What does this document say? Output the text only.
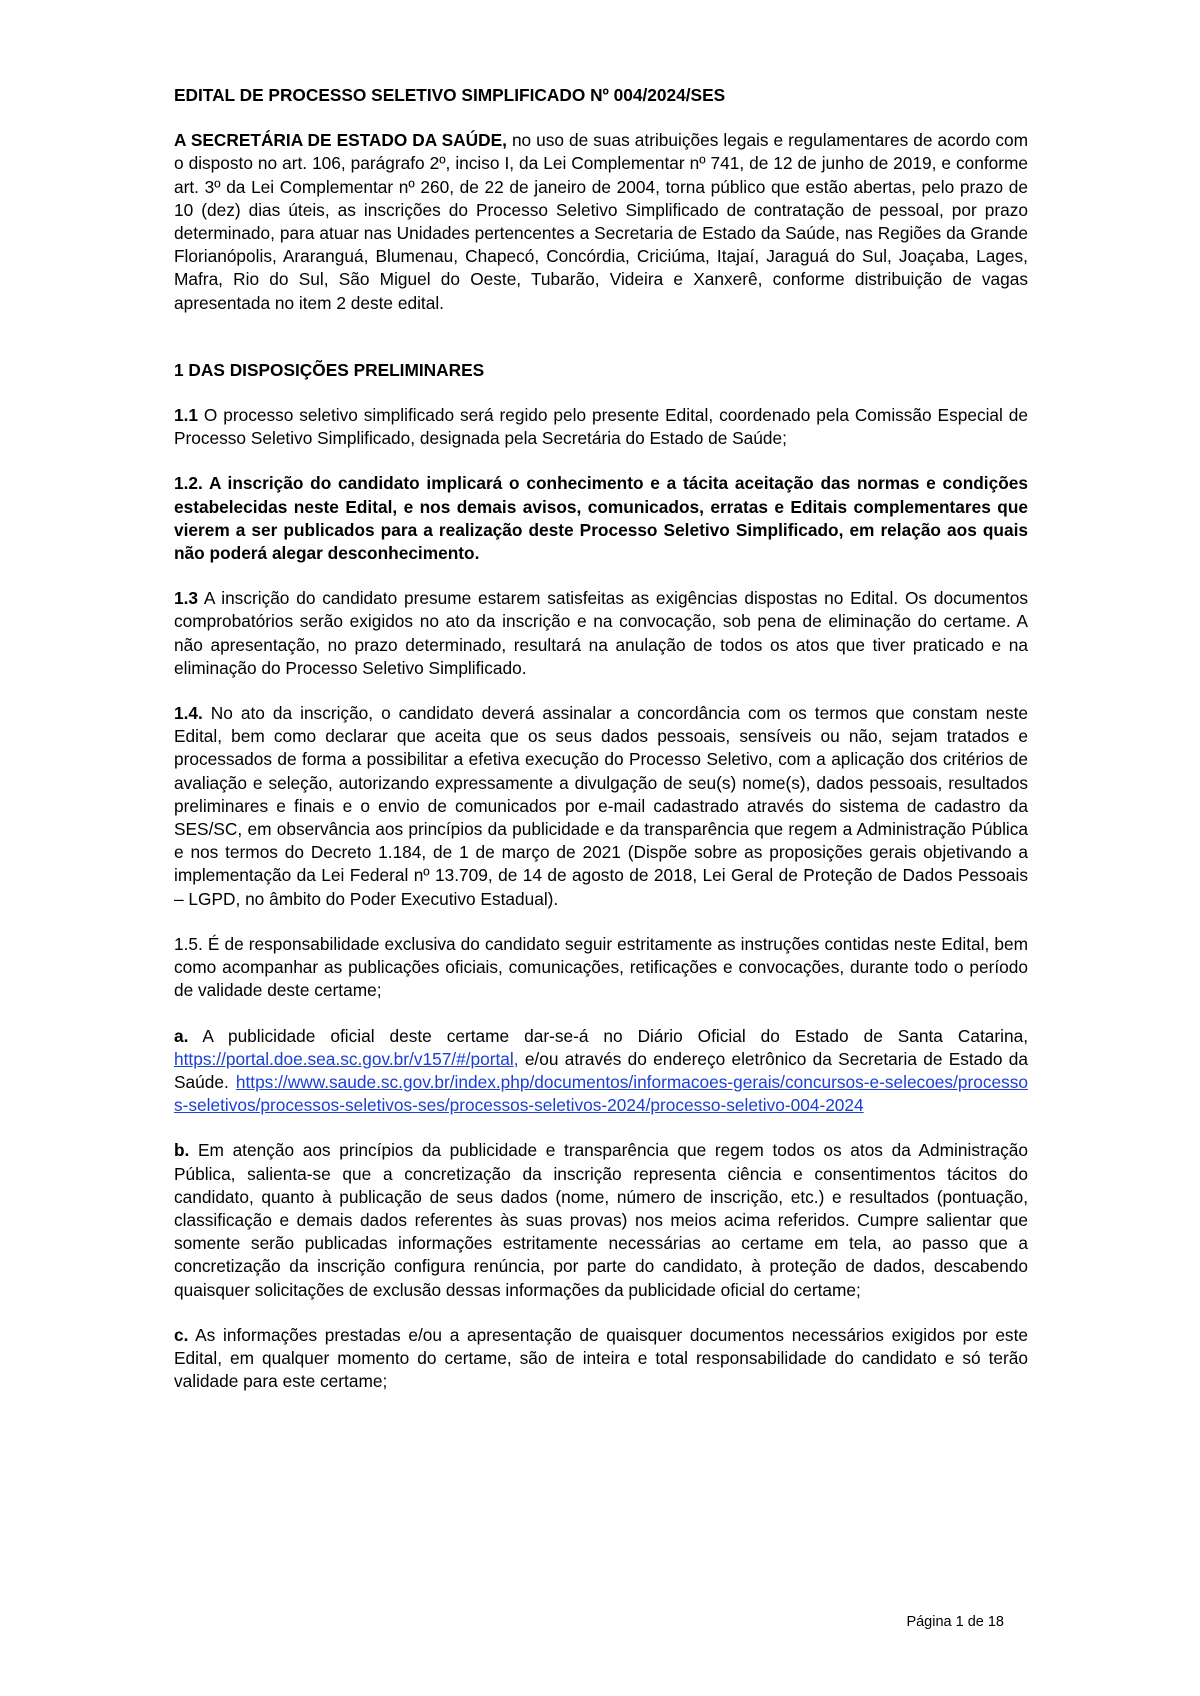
EDITAL DE PROCESSO SELETIVO SIMPLIFICADO Nº 004/2024/SES

A SECRETÁRIA DE ESTADO DA SAÚDE, no uso de suas atribuições legais e regulamentares de acordo com o disposto no art. 106, parágrafo 2º, inciso I, da Lei Complementar nº 741, de 12 de junho de 2019, e conforme art. 3º da Lei Complementar nº 260, de 22 de janeiro de 2004, torna público que estão abertas, pelo prazo de 10 (dez) dias úteis, as inscrições do Processo Seletivo Simplificado de contratação de pessoal, por prazo determinado, para atuar nas Unidades pertencentes a Secretaria de Estado da Saúde, nas Regiões da Grande Florianópolis, Araranguá, Blumenau, Chapecó, Concórdia, Criciúma, Itajaí, Jaraguá do Sul, Joaçaba, Lages, Mafra, Rio do Sul, São Miguel do Oeste, Tubarão, Videira e Xanxerê, conforme distribuição de vagas apresentada no item 2 deste edital.

1 DAS DISPOSIÇÕES PRELIMINARES

1.1 O processo seletivo simplificado será regido pelo presente Edital, coordenado pela Comissão Especial de Processo Seletivo Simplificado, designada pela Secretária do Estado de Saúde;

1.2. A inscrição do candidato implicará o conhecimento e a tácita aceitação das normas e condições estabelecidas neste Edital, e nos demais avisos, comunicados, erratas e Editais complementares que vierem a ser publicados para a realização deste Processo Seletivo Simplificado, em relação aos quais não poderá alegar desconhecimento.

1.3 A inscrição do candidato presume estarem satisfeitas as exigências dispostas no Edital. Os documentos comprobatórios serão exigidos no ato da inscrição e na convocação, sob pena de eliminação do certame. A não apresentação, no prazo determinado, resultará na anulação de todos os atos que tiver praticado e na eliminação do Processo Seletivo Simplificado.

1.4. No ato da inscrição, o candidato deverá assinalar a concordância com os termos que constam neste Edital, bem como declarar que aceita que os seus dados pessoais, sensíveis ou não, sejam tratados e processados de forma a possibilitar a efetiva execução do Processo Seletivo, com a aplicação dos critérios de avaliação e seleção, autorizando expressamente a divulgação de seu(s) nome(s), dados pessoais, resultados preliminares e finais e o envio de comunicados por e-mail cadastrado através do sistema de cadastro da SES/SC, em observância aos princípios da publicidade e da transparência que regem a Administração Pública e nos termos do Decreto 1.184, de 1 de março de 2021 (Dispõe sobre as proposições gerais objetivando a implementação da Lei Federal nº 13.709, de 14 de agosto de 2018, Lei Geral de Proteção de Dados Pessoais – LGPD, no âmbito do Poder Executivo Estadual).

1.5. É de responsabilidade exclusiva do candidato seguir estritamente as instruções contidas neste Edital, bem como acompanhar as publicações oficiais, comunicações, retificações e convocações, durante todo o período de validade deste certame;

a. A publicidade oficial deste certame dar-se-á no Diário Oficial do Estado de Santa Catarina, https://portal.doe.sea.sc.gov.br/v157/#/portal, e/ou através do endereço eletrônico da Secretaria de Estado da Saúde. https://www.saude.sc.gov.br/index.php/documentos/informacoes-gerais/concursos-e-selecoes/processos-seletivos/processos-seletivos-ses/processos-seletivos-2024/processo-seletivo-004-2024

b. Em atenção aos princípios da publicidade e transparência que regem todos os atos da Administração Pública, salienta-se que a concretização da inscrição representa ciência e consentimentos tácitos do candidato, quanto à publicação de seus dados (nome, número de inscrição, etc.) e resultados (pontuação, classificação e demais dados referentes às suas provas) nos meios acima referidos. Cumpre salientar que somente serão publicadas informações estritamente necessárias ao certame em tela, ao passo que a concretização da inscrição configura renúncia, por parte do candidato, à proteção de dados, descabendo quaisquer solicitações de exclusão dessas informações da publicidade oficial do certame;

c. As informações prestadas e/ou a apresentação de quaisquer documentos necessários exigidos por este Edital, em qualquer momento do certame, são de inteira e total responsabilidade do candidato e só terão validade para este certame;

Página 1 de 18
